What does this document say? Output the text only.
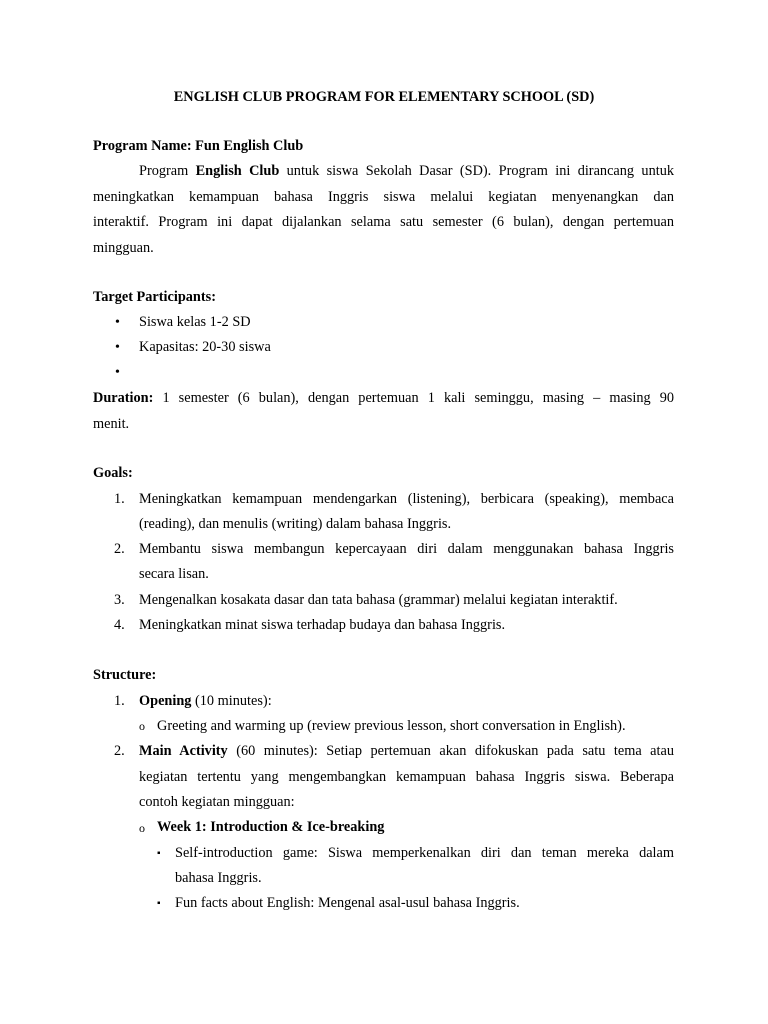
ENGLISH CLUB PROGRAM FOR ELEMENTARY SCHOOL (SD)
Program Name: Fun English Club
Program English Club untuk siswa Sekolah Dasar (SD). Program ini dirancang untuk
meningkatkan kemampuan bahasa Inggris siswa melalui kegiatan menyenangkan dan
interaktif. Program ini dapat dijalankan selama satu semester (6 bulan), dengan pertemuan
mingguan.
Target Participants:
•	Siswa kelas 1-2 SD
•	Kapasitas: 20-30 siswa
•
Duration: 1 semester (6 bulan), dengan pertemuan 1 kali seminggu, masing – masing 90
menit.
Goals:
1. Meningkatkan kemampuan mendengarkan (listening), berbicara (speaking), membaca
(reading), dan menulis (writing) dalam bahasa Inggris.
2. Membantu siswa membangun kepercayaan diri dalam menggunakan bahasa Inggris
secara lisan.
3. Mengenalkan kosakata dasar dan tata bahasa (grammar) melalui kegiatan interaktif.
4. Meningkatkan minat siswa terhadap budaya dan bahasa Inggris.
Structure:
1. Opening (10 minutes):
o Greeting and warming up (review previous lesson, short conversation in English).
2. Main Activity (60 minutes): Setiap pertemuan akan difokuskan pada satu tema atau
kegiatan tertentu yang mengembangkan kemampuan bahasa Inggris siswa. Beberapa
contoh kegiatan mingguan:
o Week 1: Introduction & Ice-breaking
▪ Self-introduction game: Siswa memperkenalkan diri dan teman mereka dalam
bahasa Inggris.
▪ Fun facts about English: Mengenal asal-usul bahasa Inggris.
